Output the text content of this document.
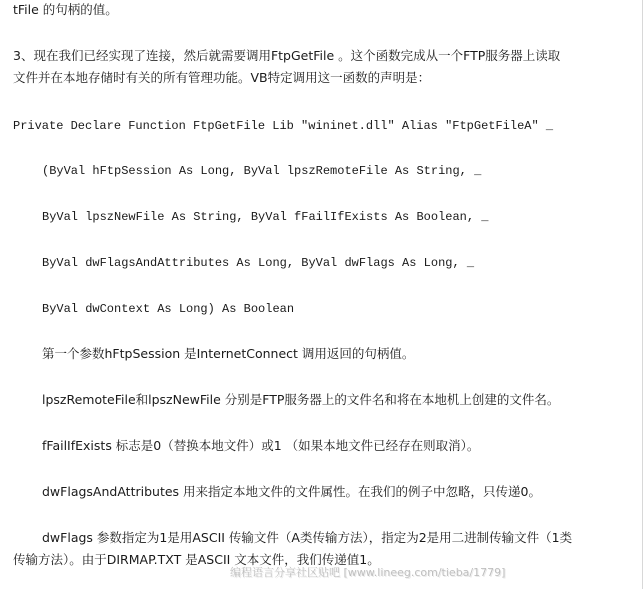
tFile 的句柄的值。
3、现在我们已经实现了连接，然后就需要调用FtpGetFile 。这个函数完成从一个FTP服务器上读取
文件并在本地存储时有关的所有管理功能。VB特定调用这一函数的声明是：
Private Declare Function FtpGetFile Lib "wininet.dll" Alias "FtpGetFileA" _
(ByVal hFtpSession As Long, ByVal lpszRemoteFile As String, _
ByVal lpszNewFile As String, ByVal fFailIfExists As Boolean, _
ByVal dwFlagsAndAttributes As Long, ByVal dwFlags As Long, _
ByVal dwContext As Long) As Boolean
第一个参数hFtpSession 是InternetConnect 调用返回的句柄值。
lpszRemoteFile和lpszNewFile 分别是FTP服务器上的文件名和将在本地机上创建的文件名。
fFailIfExists 标志是0（替换本地文件）或1 （如果本地文件已经存在则取消）。
dwFlagsAndAttributes 用来指定本地文件的文件属性。在我们的例子中忽略，只传递0。
dwFlags 参数指定为1是用ASCII 传输文件（A类传输方法），指定为2是用二进制传输文件（1类
传输方法）。由于DIRMAP.TXT 是ASCII 文本文件，我们传递值1。
编程语言分享社区贴吧 [www.lineeg.com/tieba/1779]
